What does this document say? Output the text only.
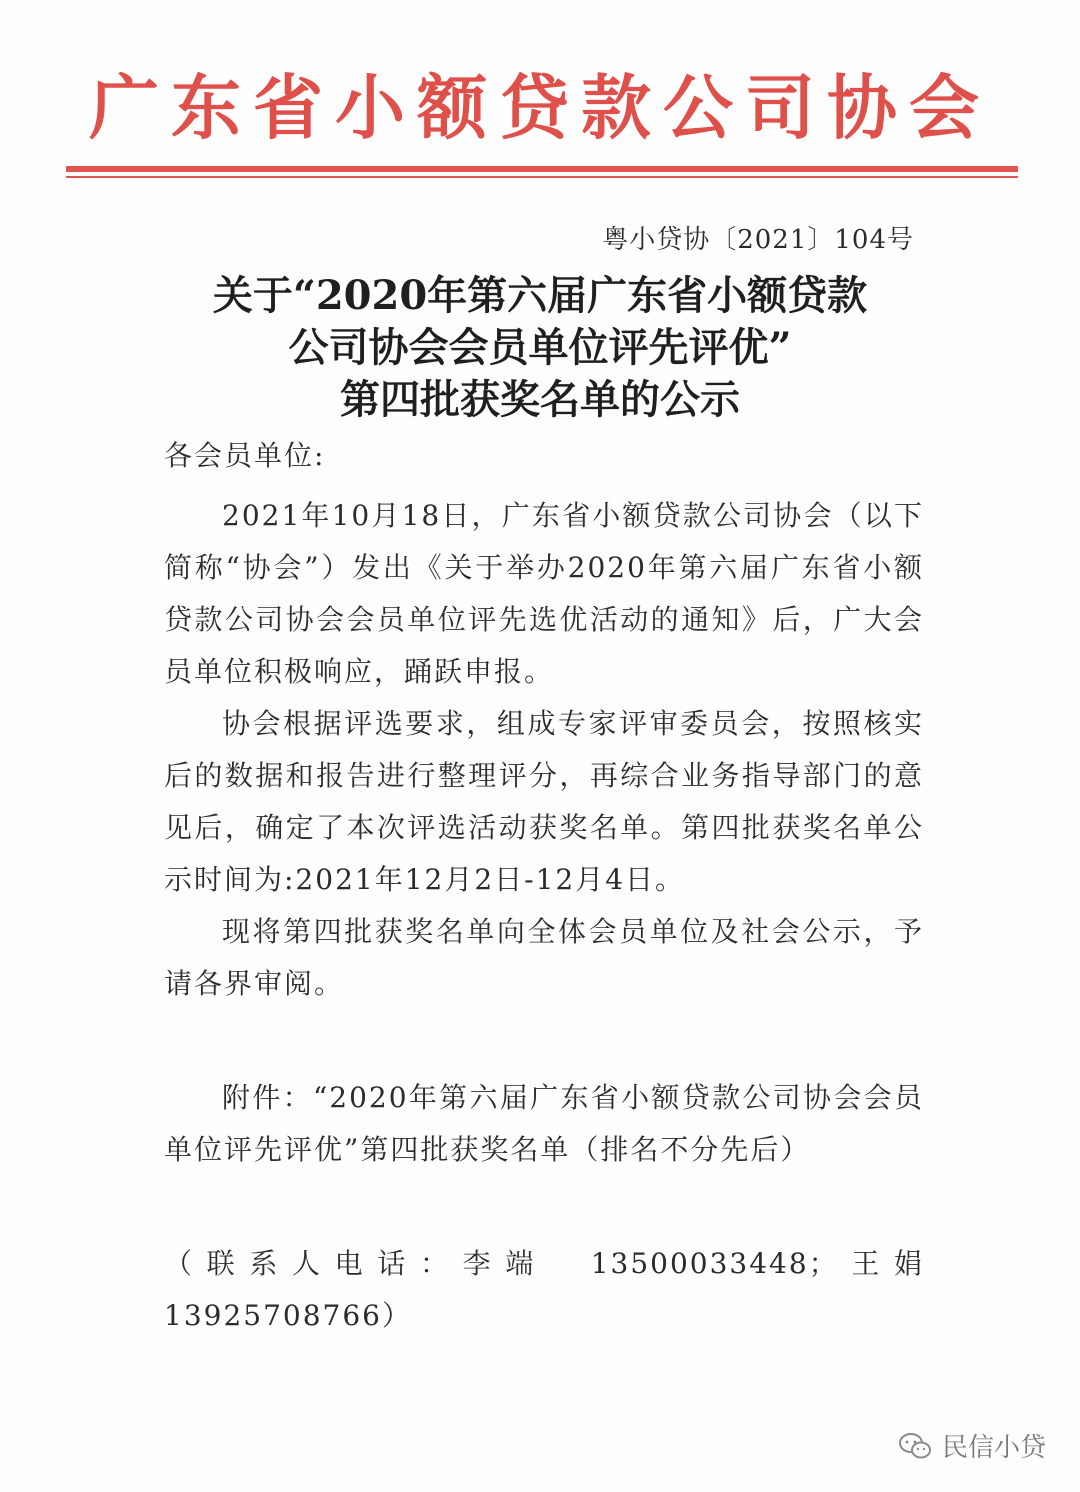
广东省小额贷款公司协会
粤小贷协〔2021〕104号
关于“2020年第六届广东省小额贷款
公司协会会员单位评先评优”
第四批获奖名单的公示

各会员单位:

2021年10月18日，广东省小额贷款公司协会（以下简称“协会”）发出《关于举办2020年第六届广东省小额贷款公司协会会员单位评先选优活动的通知》后，广大会员单位积极响应，踊跃申报。

协会根据评选要求，组成专家评审委员会，按照核实后的数据和报告进行整理评分，再综合业务指导部门的意见后，确定了本次评选活动获奖名单。第四批获奖名单公示时间为:2021年12月2日-12月4日。

现将第四批获奖名单向全体会员单位及社会公示，予请各界审阅。

附件：“2020年第六届广东省小额贷款公司协会会员单位评先评优”第四批获奖名单（排名不分先后）

（联系人电话：李端　13500033448；王娟　13925708766）

民信小贷
